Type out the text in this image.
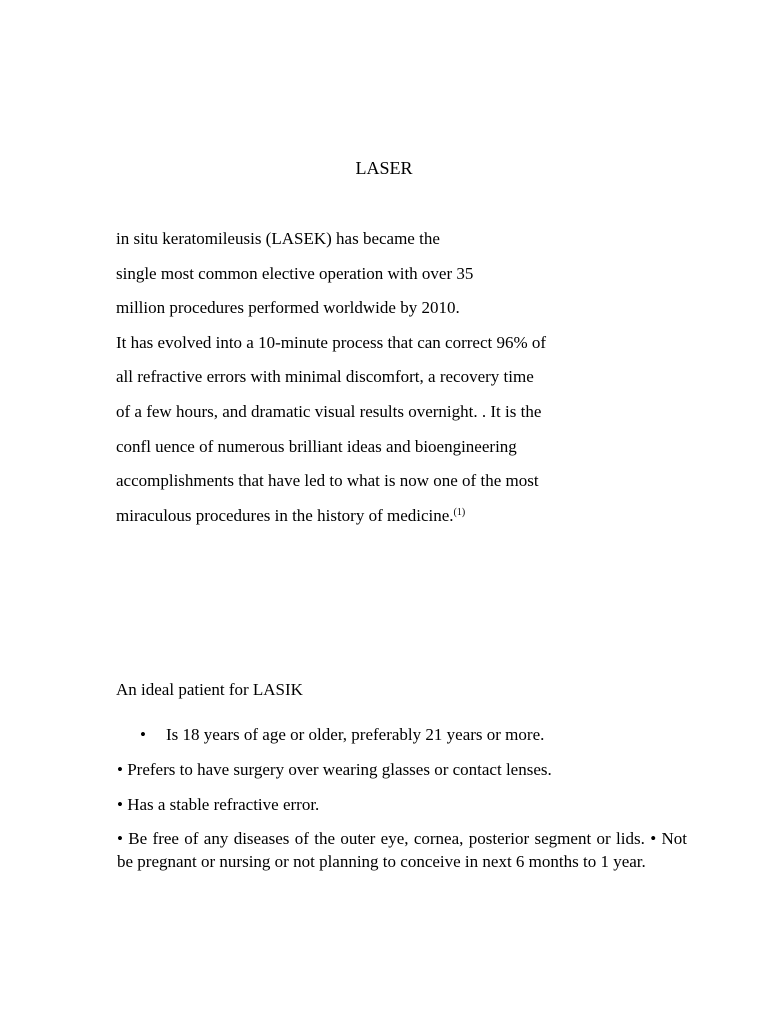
LASER
in situ keratomileusis (LASEK) has became the
single most common elective operation with over 35
million procedures performed worldwide by 2010.
It has evolved into a 10-minute process that can correct 96% of
all refractive errors with minimal discomfort, a recovery time
of a few hours, and dramatic visual results overnight. . It is the
confl uence of numerous brilliant ideas and bioengineering
accomplishments that have led to what is now one of the most
miraculous procedures in the history of medicine.$^{(1)}$
An ideal patient for LASIK
• Is 18 years of age or older, preferably 21 years or more.
• Prefers to have surgery over wearing glasses or contact lenses.
• Has a stable refractive error.
• Be free of any diseases of the outer eye, cornea, posterior segment or lids. • Not be pregnant or nursing or not planning to conceive in next 6 months to 1 year.
